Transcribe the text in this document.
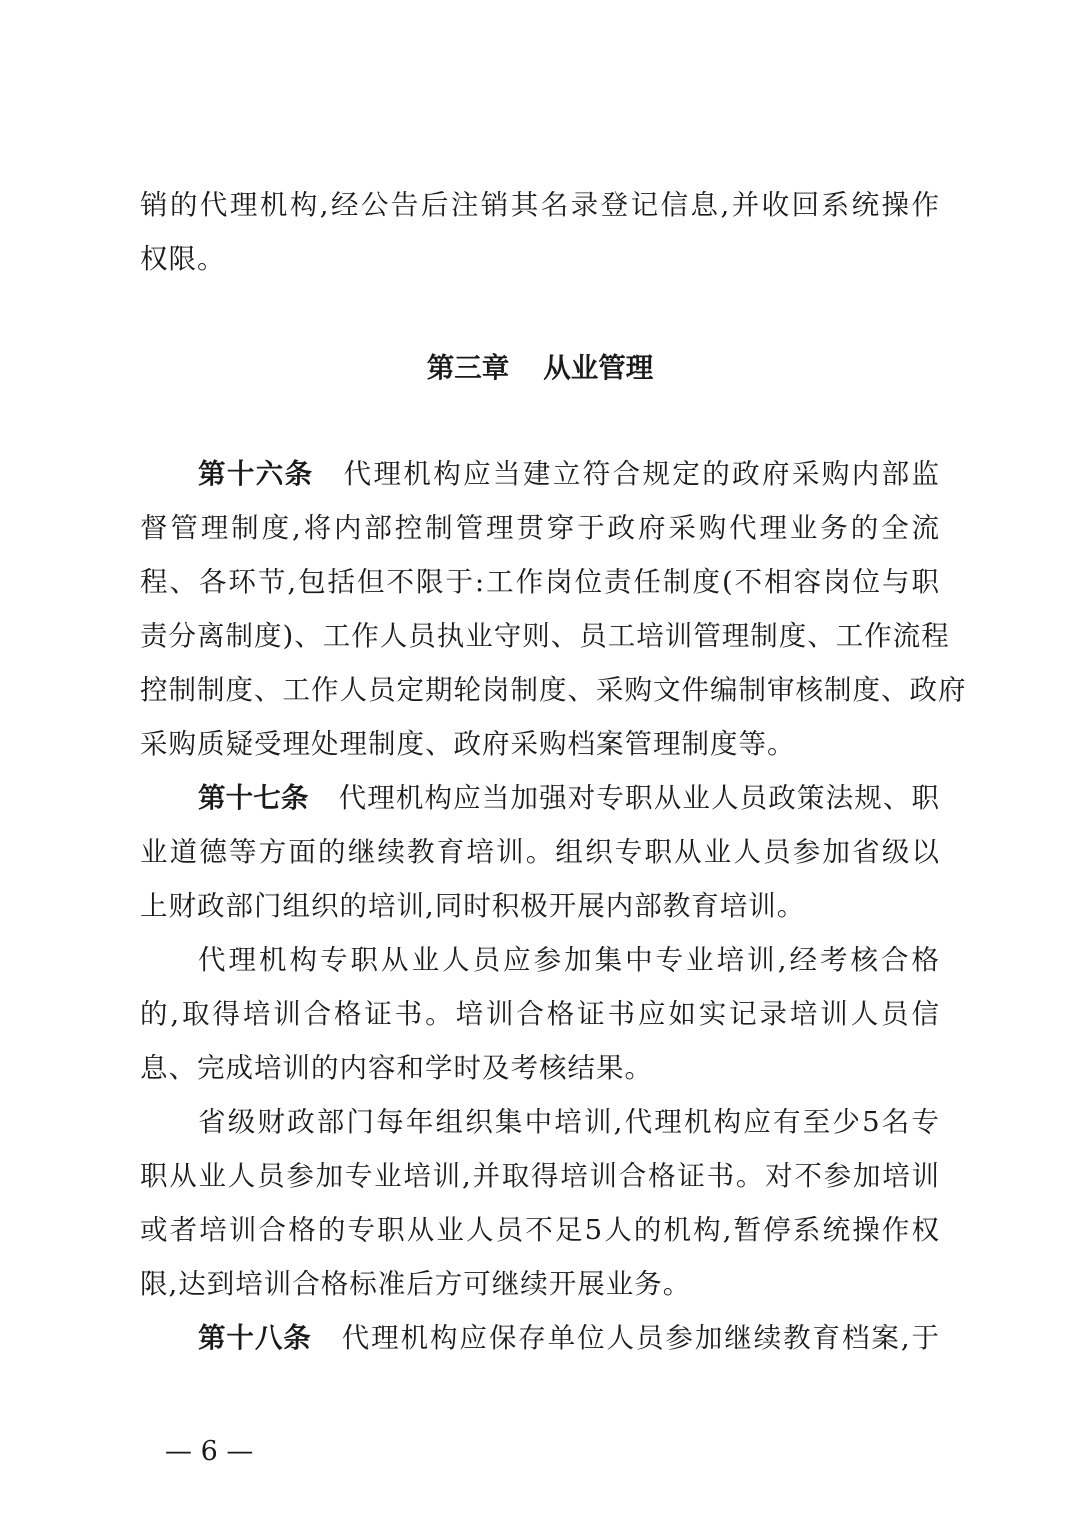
销的代理机构,经公告后注销其名录登记信息,并收回系统操作
权限。
第三章 从业管理
第十六条 代理机构应当建立符合规定的政府采购内部监
督管理制度,将内部控制管理贯穿于政府采购代理业务的全流
程、各环节,包括但不限于:工作岗位责任制度(不相容岗位与职
责分离制度)、工作人员执业守则、员工培训管理制度、工作流程
控制制度、工作人员定期轮岗制度、采购文件编制审核制度、政府
采购质疑受理处理制度、政府采购档案管理制度等。
第十七条 代理机构应当加强对专职从业人员政策法规、职
业道德等方面的继续教育培训。组织专职从业人员参加省级以
上财政部门组织的培训,同时积极开展内部教育培训。
代理机构专职从业人员应参加集中专业培训,经考核合格
的,取得培训合格证书。培训合格证书应如实记录培训人员信
息、完成培训的内容和学时及考核结果。
省级财政部门每年组织集中培训,代理机构应有至少5名专
职从业人员参加专业培训,并取得培训合格证书。对不参加培训
或者培训合格的专职从业人员不足5人的机构,暂停系统操作权
限,达到培训合格标准后方可继续开展业务。
第十八条 代理机构应保存单位人员参加继续教育档案,于
— 6 —
